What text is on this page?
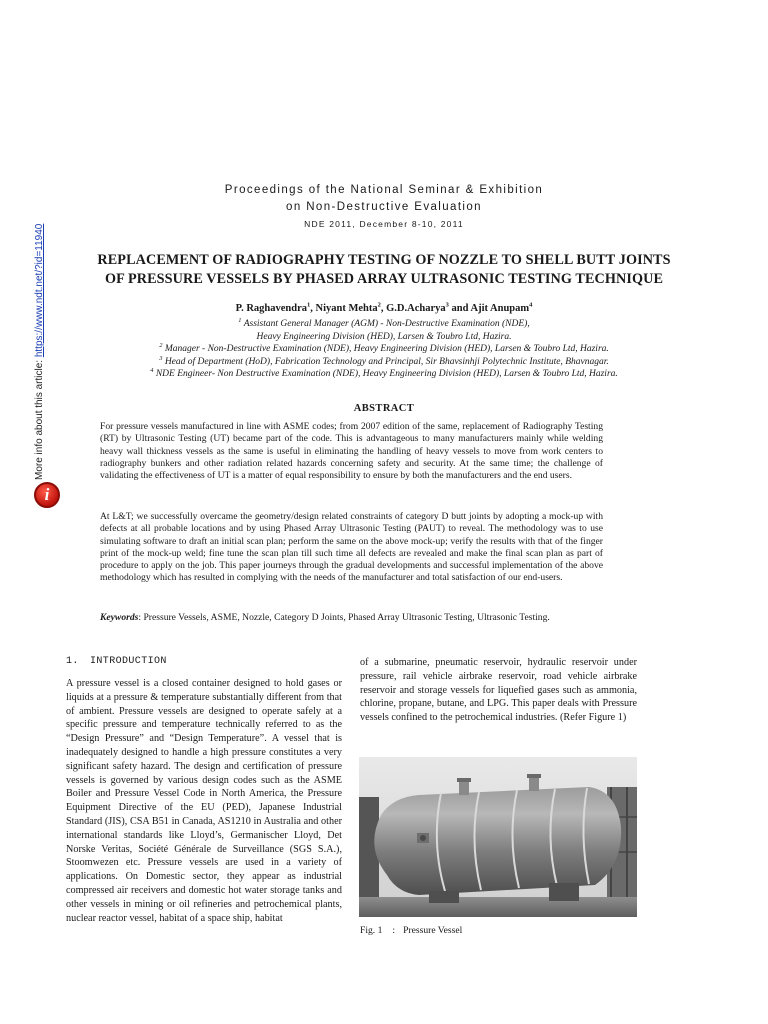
More info about this article: https://www.ndt.net/?id=11940
i
Proceedings of the National Seminar & Exhibition
on Non-Destructive Evaluation
NDE 2011, December 8-10, 2011
REPLACEMENT OF RADIOGRAPHY TESTING OF NOZZLE TO SHELL BUTT JOINTS
OF PRESSURE VESSELS BY PHASED ARRAY ULTRASONIC TESTING TECHNIQUE
P. Raghavendra$^1$, Niyant Mehta$^2$, G.D.Acharya$^3$ and Ajit Anupam$^4$
$^1$ Assistant General Manager (AGM) - Non-Destructive Examination (NDE),
Heavy Engineering Division (HED), Larsen & Toubro Ltd, Hazira.
$^2$ Manager - Non-Destructive Examination (NDE), Heavy Engineering Division (HED), Larsen & Toubro Ltd, Hazira.
$^3$ Head of Department (HoD), Fabrication Technology and Principal, Sir Bhavsinhji Polytechnic Institute, Bhavnagar.
$^4$ NDE Engineer- Non Destructive Examination (NDE), Heavy Engineering Division (HED), Larsen & Toubro Ltd, Hazira.
ABSTRACT
For pressure vessels manufactured in line with ASME codes; from 2007 edition of the same, replacement of Radiography Testing (RT) by Ultrasonic Testing (UT) became part of the code. This is advantageous to many manufacturers mainly while welding heavy wall thickness vessels as the same is useful in eliminating the handling of heavy vessels to move from work centers to radiography bunkers and other radiation related hazards concerning safety and security. At the same time; the challenge of validating the effectiveness of UT is a matter of equal responsibility to ensure by both the manufacturers and the end users.
At L&T; we successfully overcame the geometry/design related constraints of category D butt joints by adopting a mock-up with defects at all probable locations and by using Phased Array Ultrasonic Testing (PAUT) to reveal. The methodology was to use simulating software to draft an initial scan plan; perform the same on the above mock-up; verify the results with that of the finger print of the mock-up weld; fine tune the scan plan till such time all defects are revealed and make the final scan plan as part of procedure to apply on the job. This paper journeys through the gradual developments and successful implementation of the above methodology which has resulted in complying with the needs of the manufacturer and total satisfaction of our end-users.
Keywords: Pressure Vessels, ASME, Nozzle, Category D Joints, Phased Array Ultrasonic Testing, Ultrasonic Testing.
1. INTRODUCTION
A pressure vessel is a closed container designed to hold gases or liquids at a pressure & temperature substantially different from that of ambient. Pressure vessels are designed to operate safely at a specific pressure and temperature technically referred to as the “Design Pressure” and “Design Temperature”. A vessel that is inadequately designed to handle a high pressure constitutes a very significant safety hazard. The design and certification of pressure vessels is governed by various design codes such as the ASME Boiler and Pressure Vessel Code in North America, the Pressure Equipment Directive of the EU (PED), Japanese Industrial Standard (JIS), CSA B51 in Canada, AS1210 in Australia and other international standards like Lloyd’s, Germanischer Lloyd, Det Norske Veritas, Société Générale de Surveillance (SGS S.A.), Stoomwezen etc. Pressure vessels are used in a variety of applications. On Domestic sector, they appear as industrial compressed air receivers and domestic hot water storage tanks and other vessels in mining or oil refineries and petrochemical plants, nuclear reactor vessel, habitat of a space ship, habitat
of a submarine, pneumatic reservoir, hydraulic reservoir under pressure, rail vehicle airbrake reservoir, road vehicle airbrake reservoir and storage vessels for liquefied gases such as ammonia, chlorine, propane, butane, and LPG. This paper deals with Pressure vessels confined to the petrochemical industries. (Refer Figure 1)
Fig. 1 : Pressure Vessel
